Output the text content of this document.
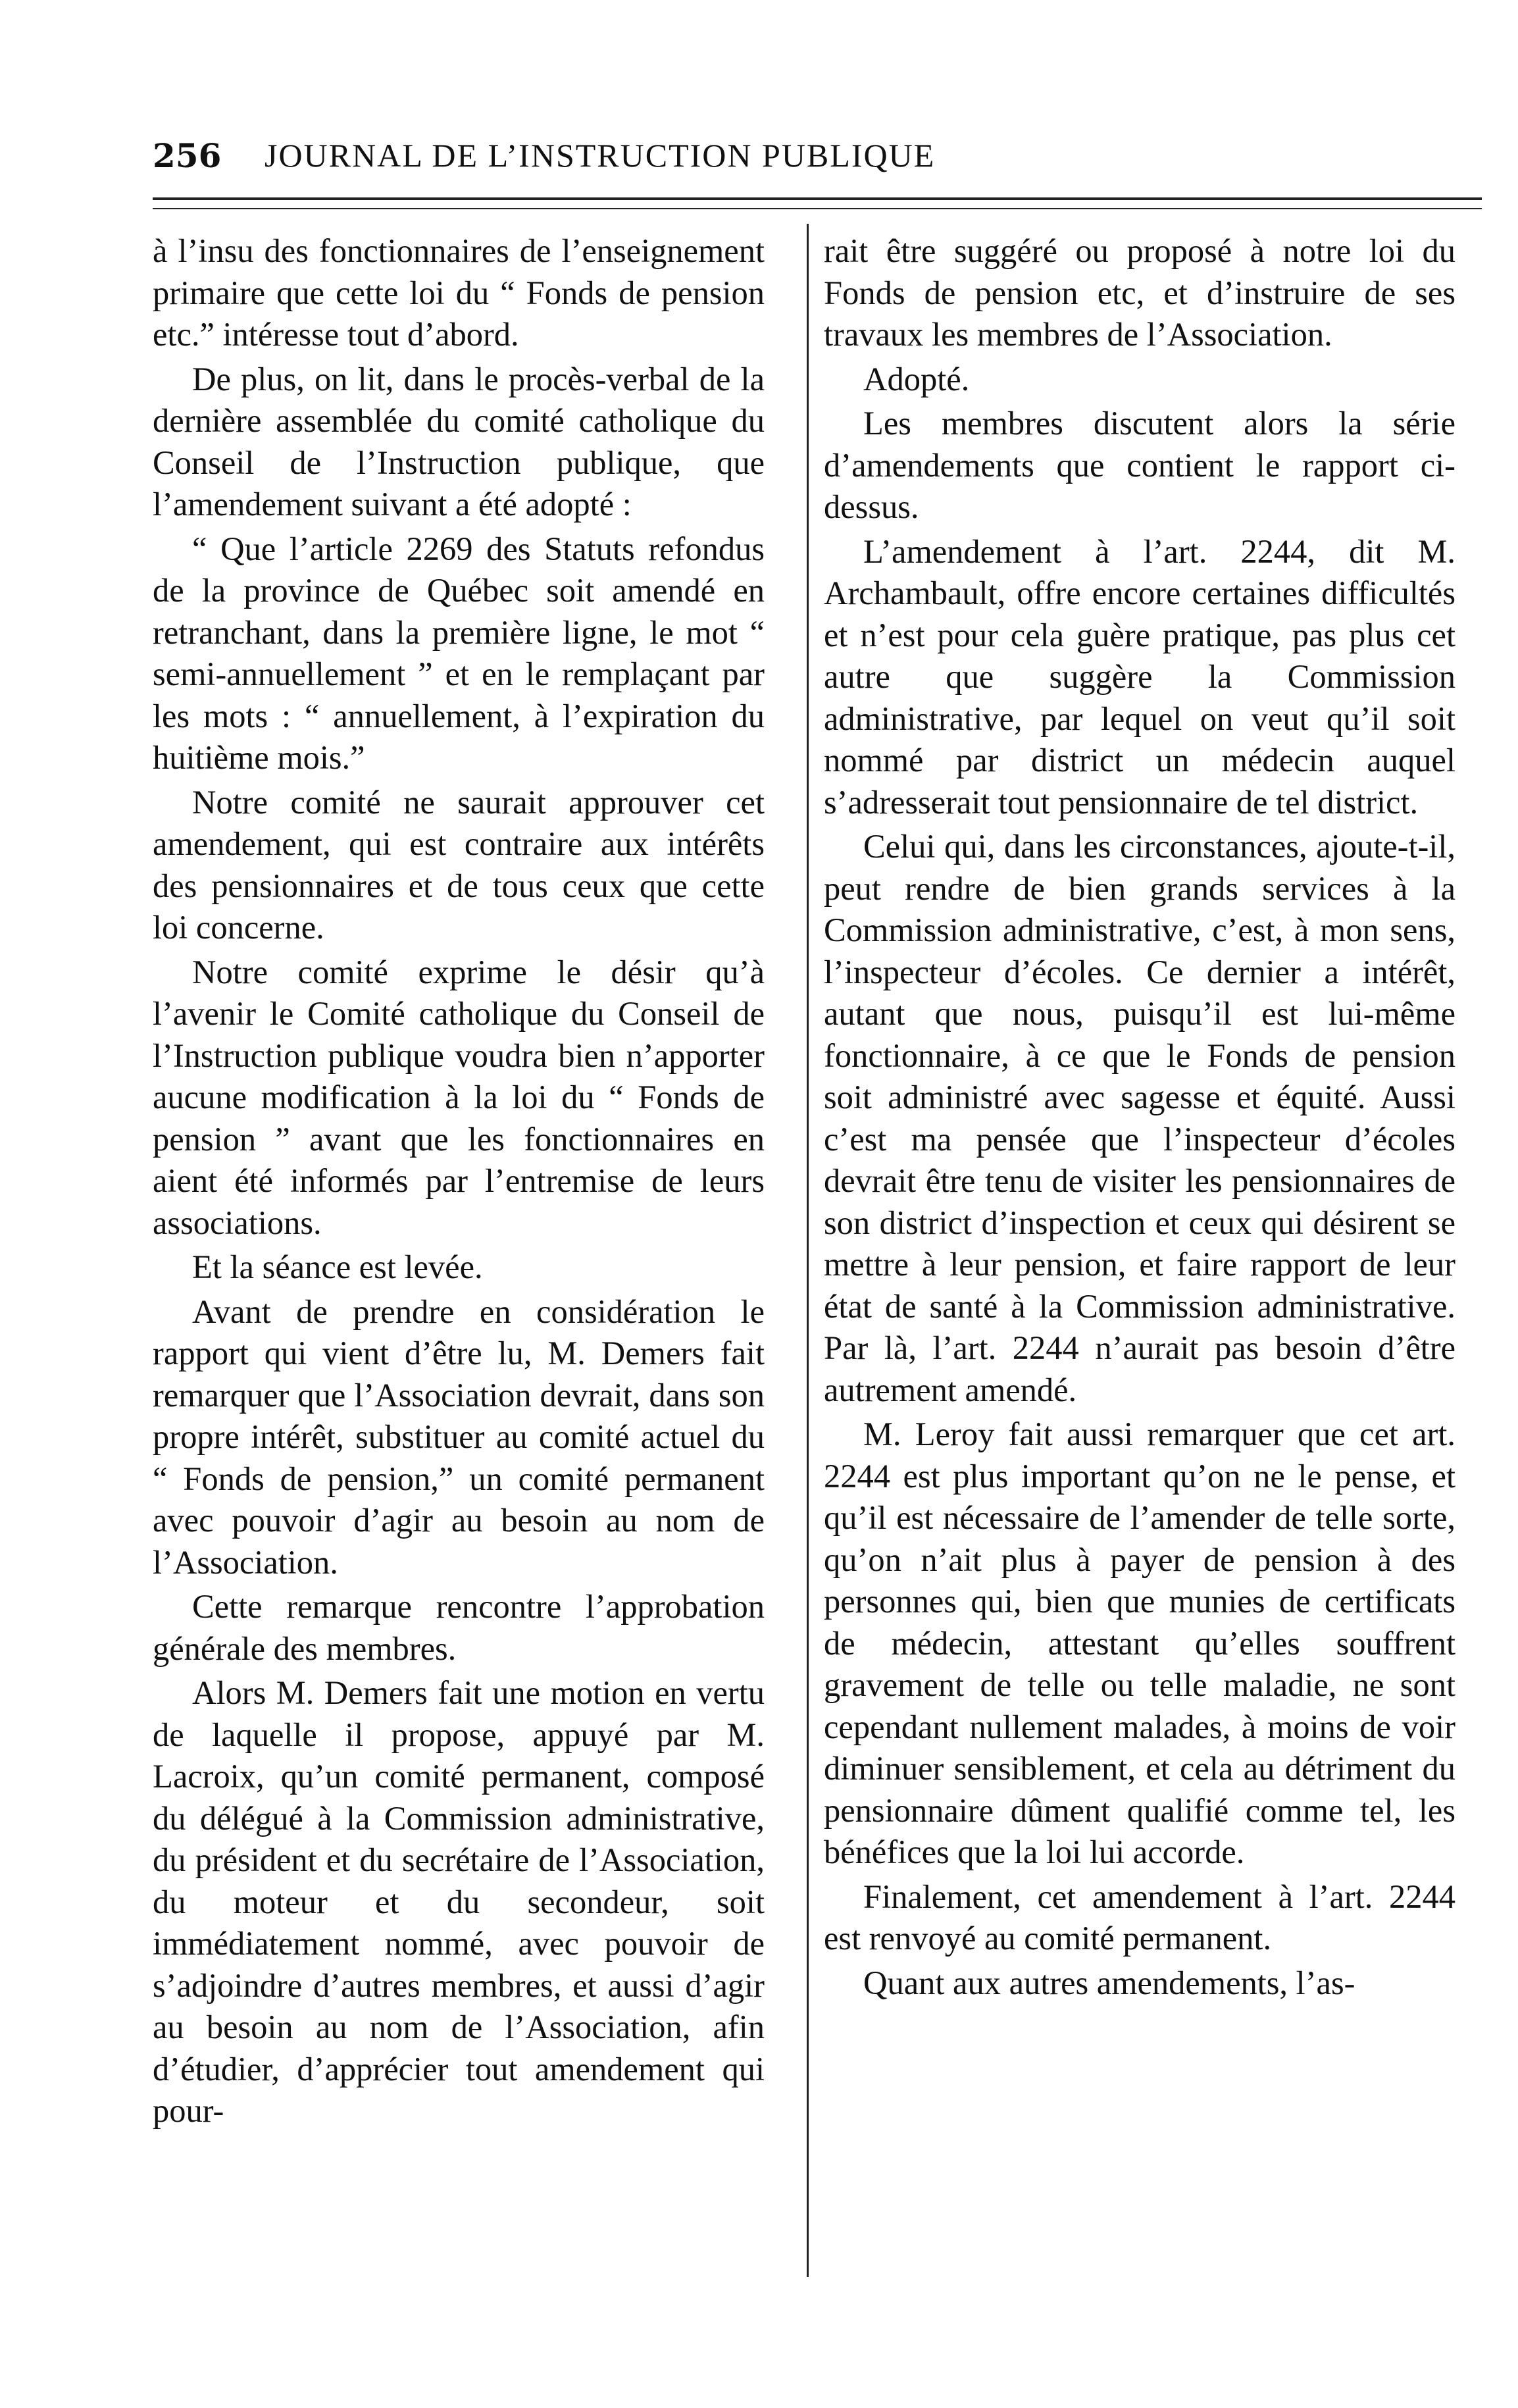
256	JOURNAL DE L’INSTRUCTION PUBLIQUE

à l’insu des fonctionnaires de l’enseignement primaire que cette loi du “ Fonds de pension etc.” intéresse tout d’abord.

De plus, on lit, dans le procès-verbal de la dernière assemblée du comité catholique du Conseil de l’Instruction publique, que l’amendement suivant a été adopté :

“ Que l’article 2269 des Statuts refondus de la province de Québec soit amendé en retranchant, dans la première ligne, le mot “ semi-annuellement ” et en le remplaçant par les mots : “ annuellement, à l’expiration du huitième mois.”

Notre comité ne saurait approuver cet amendement, qui est contraire aux intérêts des pensionnaires et de tous ceux que cette loi concerne.

Notre comité exprime le désir qu’à l’avenir le Comité catholique du Conseil de l’Instruction publique voudra bien n’apporter aucune modification à la loi du “ Fonds de pension ” avant que les fonctionnaires en aient été informés par l’entremise de leurs associations.

Et la séance est levée.

Avant de prendre en considération le rapport qui vient d’être lu, M. Demers fait remarquer que l’Association devrait, dans son propre intérêt, substituer au comité actuel du “ Fonds de pension,” un comité permanent avec pouvoir d’agir au besoin au nom de l’Association.

Cette remarque rencontre l’approbation générale des membres.

Alors M. Demers fait une motion en vertu de laquelle il propose, appuyé par M. Lacroix, qu’un comité permanent, composé du délégué à la Commission administrative, du président et du secrétaire de l’Association, du moteur et du secondeur, soit immédiatement nommé, avec pouvoir de s’adjoindre d’autres membres, et aussi d’agir au besoin au nom de l’Association, afin d’étudier, d’apprécier tout amendement qui pour-

rait être suggéré ou proposé à notre loi du Fonds de pension etc, et d’instruire de ses travaux les membres de l’Association.

Adopté.

Les membres discutent alors la série d’amendements que contient le rapport ci-dessus.

L’amendement à l’art. 2244, dit M. Archambault, offre encore certaines difficultés et n’est pour cela guère pratique, pas plus cet autre que suggère la Commission administrative, par lequel on veut qu’il soit nommé par district un médecin auquel s’adresserait tout pensionnaire de tel district.

Celui qui, dans les circonstances, ajoute-t-il, peut rendre de bien grands services à la Commission administrative, c’est, à mon sens, l’inspecteur d’écoles. Ce dernier a intérêt, autant que nous, puisqu’il est lui-même fonctionnaire, à ce que le Fonds de pension soit administré avec sagesse et équité. Aussi c’est ma pensée que l’inspecteur d’écoles devrait être tenu de visiter les pensionnaires de son district d’inspection et ceux qui désirent se mettre à leur pension, et faire rapport de leur état de santé à la Commission administrative. Par là, l’art. 2244 n’aurait pas besoin d’être autrement amendé.

M. Leroy fait aussi remarquer que cet art. 2244 est plus important qu’on ne le pense, et qu’il est nécessaire de l’amender de telle sorte, qu’on n’ait plus à payer de pension à des personnes qui, bien que munies de certificats de médecin, attestant qu’elles souffrent gravement de telle ou telle maladie, ne sont cependant nullement malades, à moins de voir diminuer sensiblement, et cela au détriment du pensionnaire dûment qualifié comme tel, les bénéfices que la loi lui accorde.

Finalement, cet amendement à l’art. 2244 est renvoyé au comité permanent.

Quant aux autres amendements, l’as-
